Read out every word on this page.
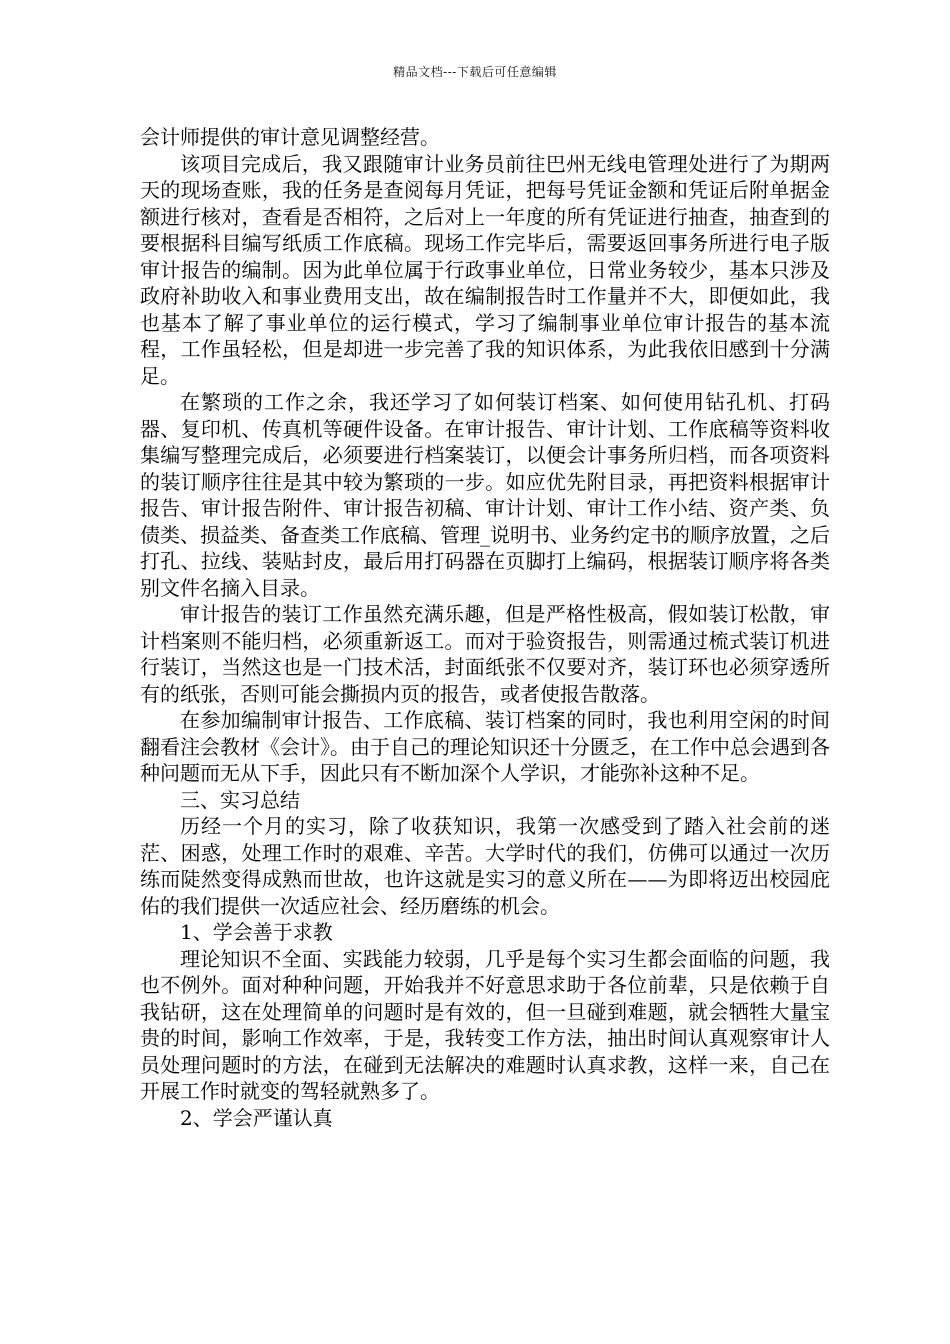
精品文档---下载后可任意编辑

会计师提供的审计意见调整经营。

该项目完成后，我又跟随审计业务员前往巴州无线电管理处进行了为期两天的现场查账，我的任务是查阅每月凭证，把每号凭证金额和凭证后附单据金额进行核对，查看是否相符，之后对上一年度的所有凭证进行抽查，抽查到的要根据科目编写纸质工作底稿。现场工作完毕后，需要返回事务所进行电子版审计报告的编制。因为此单位属于行政事业单位，日常业务较少，基本只涉及政府补助收入和事业费用支出，故在编制报告时工作量并不大，即便如此，我也基本了解了事业单位的运行模式，学习了编制事业单位审计报告的基本流程，工作虽轻松，但是却进一步完善了我的知识体系，为此我依旧感到十分满足。

在繁琐的工作之余，我还学习了如何装订档案、如何使用钻孔机、打码器、复印机、传真机等硬件设备。在审计报告、审计计划、工作底稿等资料收集编写整理完成后，必须要进行档案装订，以便会计事务所归档，而各项资料的装订顺序往往是其中较为繁琐的一步。如应优先附目录，再把资料根据审计报告、审计报告附件、审计报告初稿、审计计划、审计工作小结、资产类、负债类、损益类、备查类工作底稿、管理_说明书、业务约定书的顺序放置，之后打孔、拉线、装贴封皮，最后用打码器在页脚打上编码，根据装订顺序将各类别文件名摘入目录。

审计报告的装订工作虽然充满乐趣，但是严格性极高，假如装订松散，审计档案则不能归档，必须重新返工。而对于验资报告，则需通过梳式装订机进行装订，当然这也是一门技术活，封面纸张不仅要对齐，装订环也必须穿透所有的纸张，否则可能会撕损内页的报告，或者使报告散落。

在参加编制审计报告、工作底稿、装订档案的同时，我也利用空闲的时间翻看注会教材《会计》。由于自己的理论知识还十分匮乏，在工作中总会遇到各种问题而无从下手，因此只有不断加深个人学识，才能弥补这种不足。

三、实习总结

历经一个月的实习，除了收获知识，我第一次感受到了踏入社会前的迷茫、困惑，处理工作时的艰难、辛苦。大学时代的我们，仿佛可以通过一次历练而陡然变得成熟而世故，也许这就是实习的意义所在——为即将迈出校园庇佑的我们提供一次适应社会、经历磨练的机会。

1、学会善于求教

理论知识不全面、实践能力较弱，几乎是每个实习生都会面临的问题，我也不例外。面对种种问题，开始我并不好意思求助于各位前辈，只是依赖于自我钻研，这在处理简单的问题时是有效的，但一旦碰到难题，就会牺牲大量宝贵的时间，影响工作效率，于是，我转变工作方法，抽出时间认真观察审计人员处理问题时的方法，在碰到无法解决的难题时认真求教，这样一来，自己在开展工作时就变的驾轻就熟多了。

2、学会严谨认真
